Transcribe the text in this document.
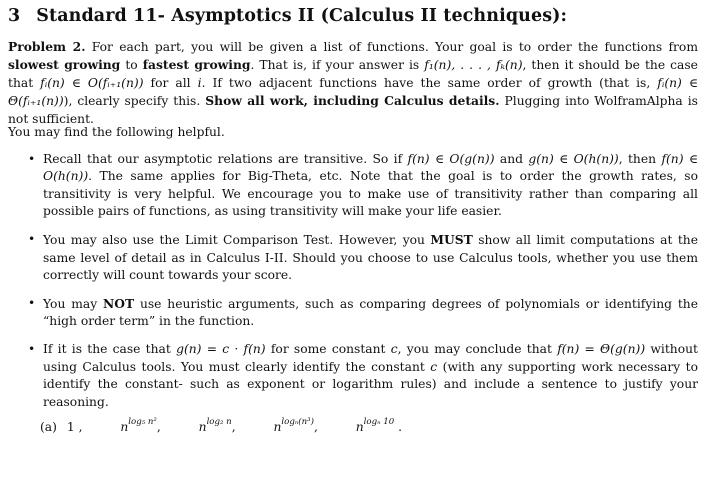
3 Standard 11- Asymptotics II (Calculus II techniques):
Problem 2. For each part, you will be given a list of functions. Your goal is to order the functions from slowest growing to fastest growing. That is, if your answer is f₁(n), . . . , fₖ(n), then it should be the case that fᵢ(n) ∈ O(fᵢ₊₁(n)) for all i. If two adjacent functions have the same order of growth (that is, fᵢ(n) ∈ Θ(fᵢ₊₁(n))), clearly specify this. Show all work, including Calculus details. Plugging into WolframAlpha is not sufficient.
You may find the following helpful.
• Recall that our asymptotic relations are transitive. So if f(n) ∈ O(g(n)) and g(n) ∈ O(h(n)), then f(n) ∈ O(h(n)). The same applies for Big-Theta, etc. Note that the goal is to order the growth rates, so transitivity is very helpful. We encourage you to make use of transitivity rather than comparing all possible pairs of functions, as using transitivity will make your life easier.
• You may also use the Limit Comparison Test. However, you MUST show all limit computations at the same level of detail as in Calculus I-II. Should you choose to use Calculus tools, whether you use them correctly will count towards your score.
• You may NOT use heuristic arguments, such as comparing degrees of polynomials or identifying the “high order term” in the function.
• If it is the case that g(n) = c · f(n) for some constant c, you may conclude that f(n) = Θ(g(n)) without using Calculus tools. You must clearly identify the constant c (with any supporting work necessary to identify the constant- such as exponent or logarithm rules) and include a sentence to justify your reasoning.
(a) 1 ,	$n^{log_5 n^2}$,	$n^{log_2 n}$,	$n^{log_n(n^3)}$,	$n^{log_n 10}$ .
